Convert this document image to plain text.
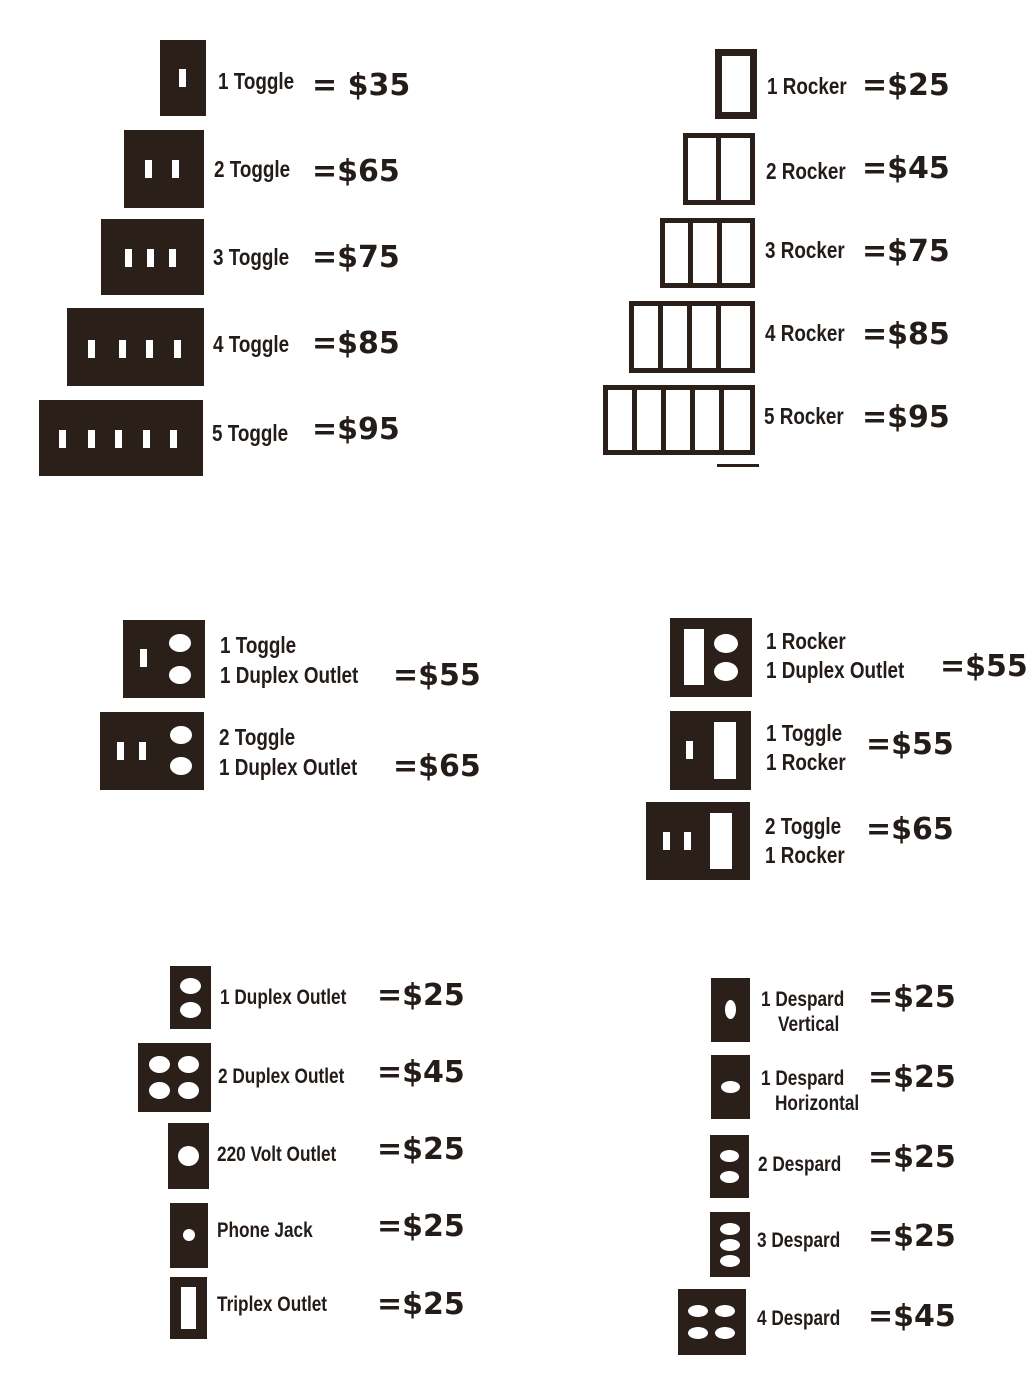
1 Toggle = $35
2 Toggle =$65
3 Toggle =$75
4 Toggle =$85
5 Toggle =$95
1 Rocker =$25
2 Rocker =$45
3 Rocker =$75
4 Rocker =$85
5 Rocker =$95
1 Toggle
1 Duplex Outlet =$55
2 Toggle
1 Duplex Outlet =$65
1 Rocker
1 Duplex Outlet =$55
1 Toggle
1 Rocker =$55
2 Toggle
1 Rocker
=$65
1 Duplex Outlet =$25
2 Duplex Outlet =$45
220 Volt Outlet =$25
Phone Jack =$25
Triplex Outlet =$25
1 Despard
Vertical
=$25
1 Despard
Horizontal
=$25
2 Despard =$25
3 Despard =$25
4 Despard =$45
